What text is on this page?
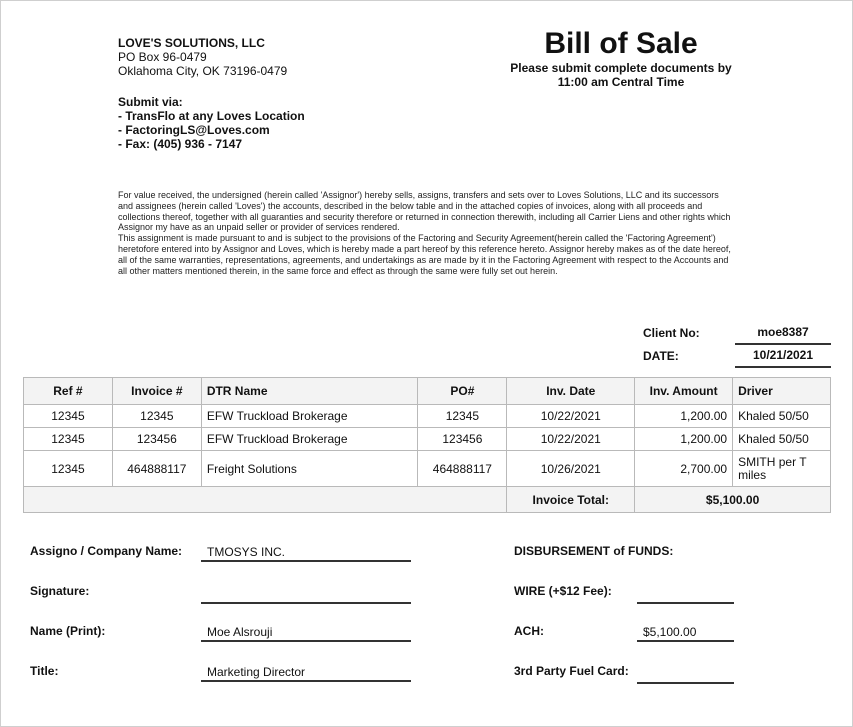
LOVE'S SOLUTIONS, LLC
PO Box 96-0479
Oklahoma City, OK 73196-0479
Submit via:
- TransFlo at any Loves Location
- FactoringLS@Loves.com
- Fax: (405) 936 - 7147
Bill of Sale
Please submit complete documents by
11:00 am Central Time

For value received, the undersigned (herein called 'Assignor') hereby sells, assigns, transfers and sets over to Loves Solutions, LLC and its successors and assignees (herein called 'Loves') the accounts, described in the below table and in the attached copies of invoices, along with all proceeds and collections thereof, together with all guaranties and security therefore or returned in connection therewith, including all Carrier Liens and other rights which Assignor my have as an unpaid seller or provider of services rendered.

This assignment is made pursuant to and is subject to the provisions of the Factoring and Security Agreement(herein called the 'Factoring Agreement') heretofore entered into by Assignor and Loves, which is hereby made a part hereof by this reference hereto. Assignor hereby makes as of the date hereof, all of the same warranties, representations, agreements, and undertakings as are made by it in the Factoring Agreement with respect to the Accounts and all other matters mentioned therein, in the same force and effect as through the same were fully set out herein.

Client No:	moe8387
DATE:	10/21/2021
Ref #	Invoice #	DTR Name	PO#	Inv. Date	Inv. Amount	Driver
12345	12345	EFW Truckload Brokerage	12345	10/22/2021	1,200.00	Khaled 50/50
12345	123456	EFW Truckload Brokerage	123456	10/22/2021	1,200.00	Khaled 50/50
12345	464888117	Freight Solutions	464888117	10/26/2021	2,700.00	SMITH per T miles
				Invoice Total:	$5,100.00	
Assigno / Company Name:	TMOSYS INC.
Signature:
Name (Print):	Moe Alsrouji
Title:	Marketing Director
DISBURSEMENT of FUNDS:
WIRE (+$12 Fee):
ACH:	$5,100.00
3rd Party Fuel Card:
